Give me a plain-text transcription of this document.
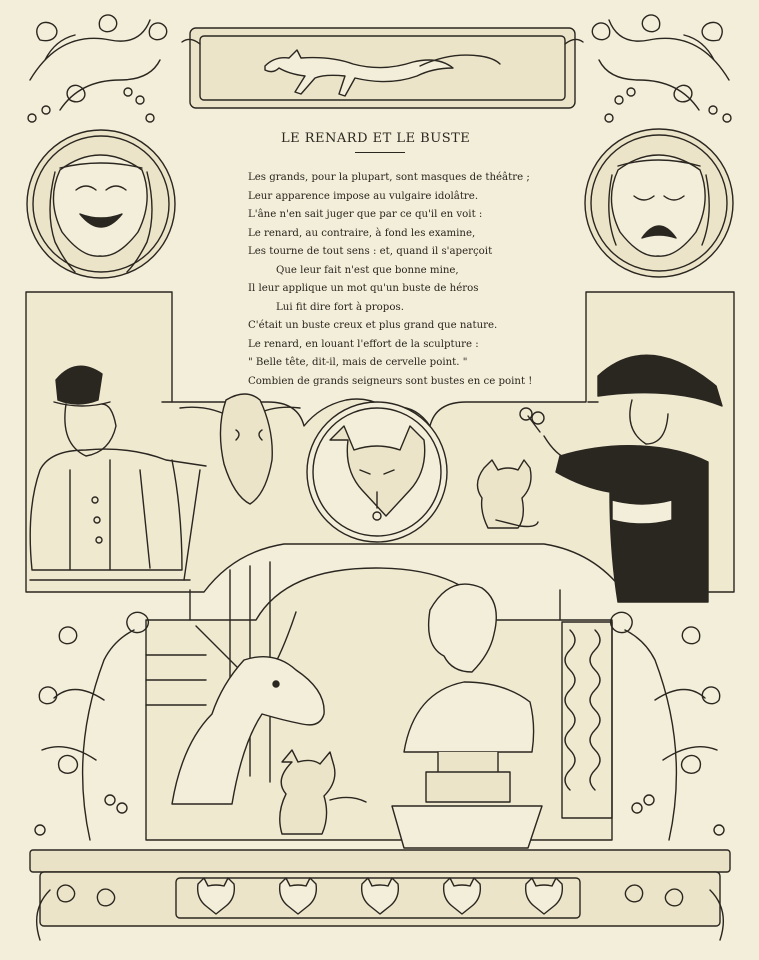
LE RENARD ET LE BUSTE
Les grands, pour la plupart, sont masques de théâtre ;
Leur apparence impose au vulgaire idolâtre.
L'âne n'en sait juger que par ce qu'il en voit :
Le renard, au contraire, à fond les examine,
Les tourne de tout sens : et, quand il s'aperçoit
Que leur fait n'est que bonne mine,
Il leur applique un mot qu'un buste de héros
Lui fit dire fort à propos.
C'était un buste creux et plus grand que nature.
Le renard, en louant l'effort de la sculpture :
" Belle tête, dit-il, mais de cervelle point. "
Combien de grands seigneurs sont bustes en ce point !
